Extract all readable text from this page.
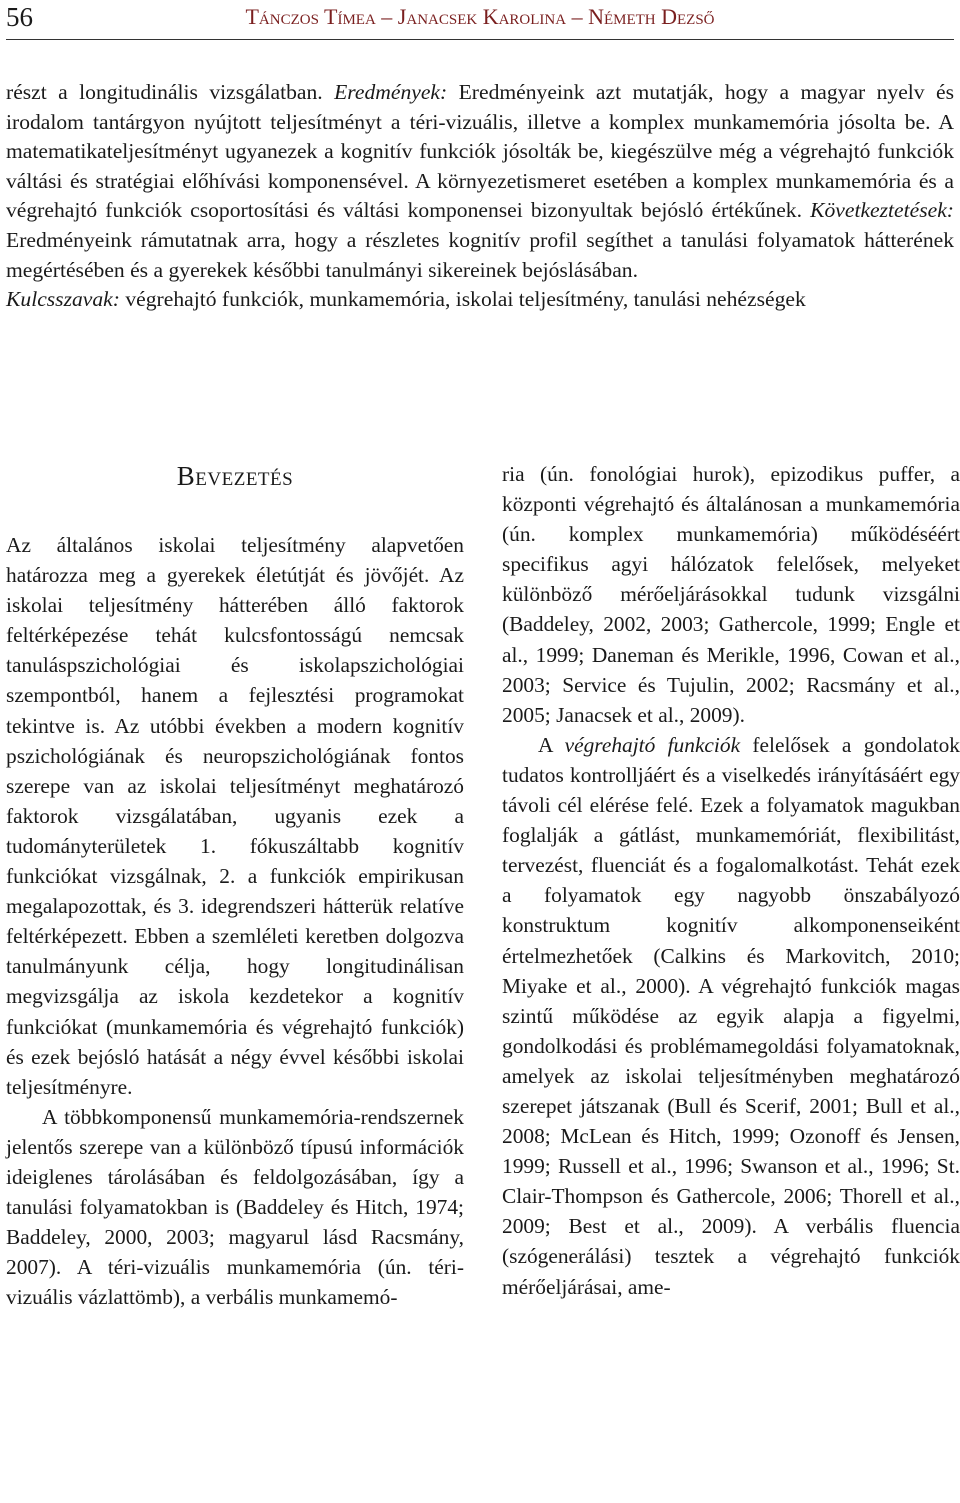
56	Tánczos Tímea – Janacsek Karolina – Németh Dezső

részt a longitudinális vizsgálatban. Eredmények: Eredményeink azt mutatják, hogy a magyar nyelv és irodalom tantárgyon nyújtott teljesítményt a téri-vizuális, illetve a komplex munkamemória jósolta be. A matematikateljesítményt ugyanezek a kognitív funkciók jósolták be, kiegészülve még a végrehajtó funkciók váltási és stratégiai előhívási komponensével. A környezetismeret esetében a komplex munkamemória és a végrehajtó funkciók csoportosítási és váltási komponensei bizonyultak bejósló értékűnek. Következtetések: Eredményeink rámutatnak arra, hogy a részletes kognitív profil segíthet a tanulási folyamatok hátterének megértésében és a gyerekek későbbi tanulmányi sikereinek bejóslásában.

Kulcsszavak: végrehajtó funkciók, munkamemória, iskolai teljesítmény, tanulási nehézségek

Bevezetés

Az általános iskolai teljesítmény alapvetően határozza meg a gyerekek életútját és jövőjét. Az iskolai teljesítmény hátterében álló faktorok feltérképezése tehát kulcsfontosságú nemcsak tanuláspszichológiai és iskolapszichológiai szempontból, hanem a fejlesztési programokat tekintve is. Az utóbbi években a modern kognitív pszichológiának és neuropszichológiának fontos szerepe van az iskolai teljesítményt meghatározó faktorok vizsgálatában, ugyanis ezek a tudományterületek 1. fókuszáltabb kognitív funkciókat vizsgálnak, 2. a funkciók empirikusan megalapozottak, és 3. idegrendszeri hátterük relatíve feltérképezett. Ebben a szemléleti keretben dolgozva tanulmányunk célja, hogy longitudinálisan megvizsgálja az iskola kezdetekor a kognitív funkciókat (munkamemória és végrehajtó funkciók) és ezek bejósló hatását a négy évvel későbbi iskolai teljesítményre.

A többkomponensű munkamemória-rendszernek jelentős szerepe van a különböző típusú információk ideiglenes tárolásában és feldolgozásában, így a tanulási folyamatokban is (Baddeley és Hitch, 1974; Baddeley, 2000, 2003; magyarul lásd Racsmány, 2007). A téri-vizuális munkamemória (ún. téri-vizuális vázlattömb), a verbális munkamemó-

ria (ún. fonológiai hurok), epizodikus puffer, a központi végrehajtó és általánosan a munkamemória (ún. komplex munkamemória) működéséért specifikus agyi hálózatok felelősek, melyeket különböző mérőeljárásokkal tudunk vizsgálni (Baddeley, 2002, 2003; Gathercole, 1999; Engle et al., 1999; Daneman és Merikle, 1996, Cowan et al., 2003; Service és Tujulin, 2002; Racsmány et al., 2005; Janacsek et al., 2009).

A végrehajtó funkciók felelősek a gondolatok tudatos kontrollјáért és a viselkedés irányításáért egy távoli cél elérése felé. Ezek a folyamatok magukban foglalják a gátlást, munkamemóriát, flexibilitást, tervezést, fluenciát és a fogalomalkotást. Tehát ezek a folyamatok egy nagyobb önszabályozó konstruktum kognitív alkomponenseiként értelmezhetőek (Calkins és Markovitch, 2010; Miyake et al., 2000). A végrehajtó funkciók magas szintű működése az egyik alapja a figyelmi, gondolkodási és problémamegoldási folyamatoknak, amelyek az iskolai teljesítményben meghatározó szerepet játszanak (Bull és Scerif, 2001; Bull et al., 2008; McLean és Hitch, 1999; Ozonoff és Jensen, 1999; Russell et al., 1996; Swanson et al., 1996; St. Clair-Thompson és Gathercole, 2006; Thorell et al., 2009; Best et al., 2009). A verbális fluencia (szógenerálási) tesztek a végrehajtó funkciók mérőeljárásai, ame-
